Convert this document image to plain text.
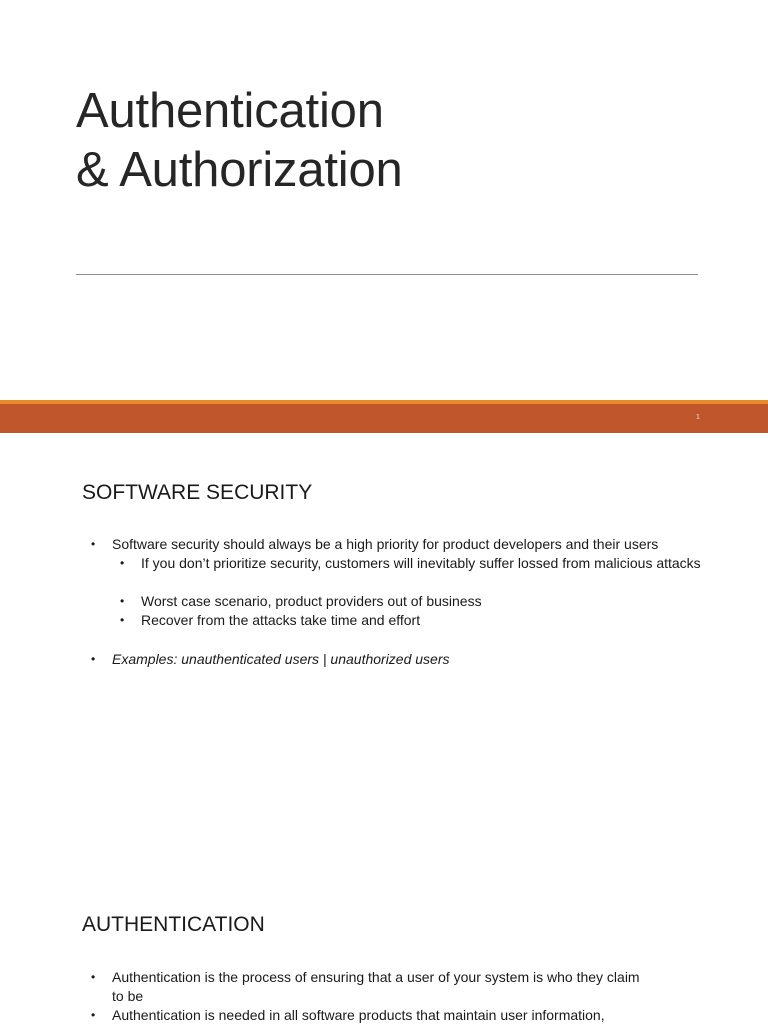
Authentication
& Authorization
1
SOFTWARE SECURITY
• Software security should always be a high priority for product developers and their users
• If you don’t prioritize security, customers will inevitably suffer lossed from malicious attacks
• Worst case scenario, product providers out of business
• Recover from the attacks take time and effort
• Examples: unauthenticated users | unauthorized users
AUTHENTICATION
• Authentication is the process of ensuring that a user of your system is who they claim to be
• Authentication is needed in all software products that maintain user information,
